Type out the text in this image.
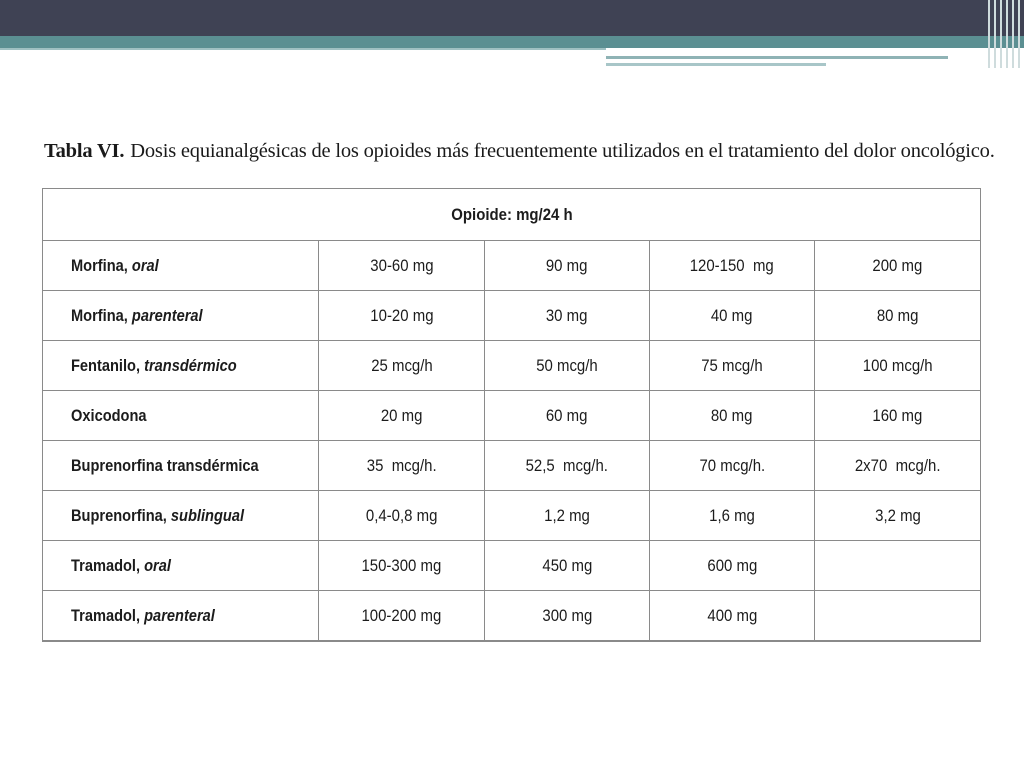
Tabla VI. Dosis equianalgésicas de los opioides más frecuentemente utilizados en el tratamiento del dolor oncológico.
Opioide: mg/24 h				
Morfina, oral	30-60 mg	90 mg	120-150  mg	200 mg
Morfina, parenteral	10-20 mg	30 mg	40 mg	80 mg
Fentanilo, transdérmico	25 mcg/h	50 mcg/h	75 mcg/h	100 mcg/h
Oxicodona	20 mg	60 mg	80 mg	160 mg
Buprenorfina transdérmica	35  mcg/h.	52,5  mcg/h.	70 mcg/h.	2x70  mcg/h.
Buprenorfina, sublingual	0,4-0,8 mg	1,2 mg	1,6 mg	3,2 mg
Tramadol, oral	150-300 mg	450 mg	600 mg	
Tramadol, parenteral	100-200 mg	300 mg	400 mg	
